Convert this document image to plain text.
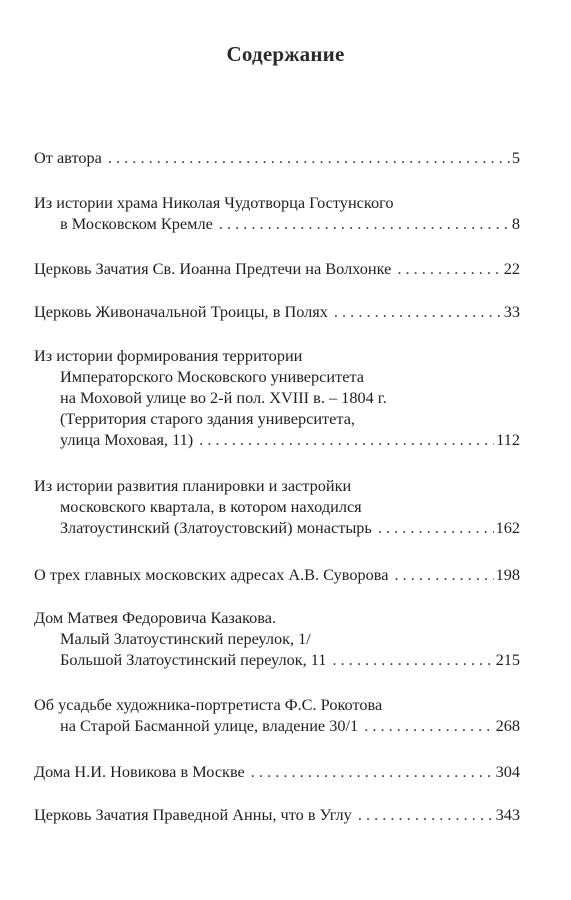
Содержание
От автора . . .	5
Из истории храма Николая Чудотворца Гостунского
в Московском Кремле . . .	8
Церковь Зачатия Св. Иоанна Предтечи на Волхонке . . .	22
Церковь Живоначальной Троицы, в Полях . . .	33
Из истории формирования территории
Императорского Московского университета
на Моховой улице во 2-й пол. XVIII в. – 1804 г.
(Территория старого здания университета,
улица Моховая, 11) . . .	112
Из истории развития планировки и застройки
московского квартала, в котором находился
Златоустинский (Златоустовский) монастырь . . .	162
О трех главных московских адресах А.В. Суворова . . .	198
Дом Матвея Федоровича Казакова.
Малый Златоустинский переулок, 1/
Большой Златоустинский переулок, 11 . . .	215
Об усадьбе художника-портретиста Ф.С. Рокотова
на Старой Басманной улице, владение 30/1 . . .	268
Дома Н.И. Новикова в Москве . . .	304
Церковь Зачатия Праведной Анны, что в Углу . . .	343
